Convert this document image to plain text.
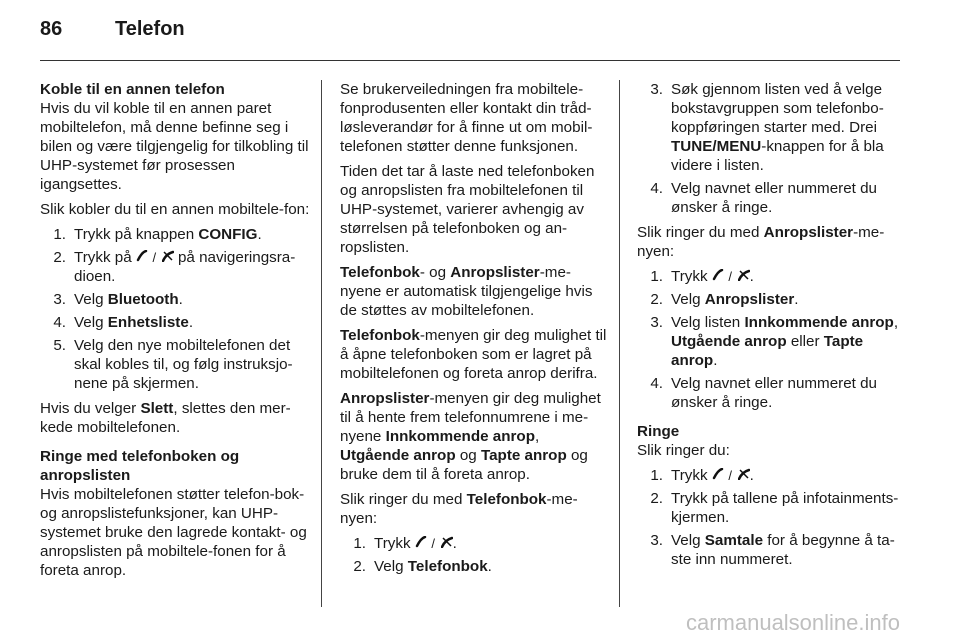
86	Telefon
Koble til en annen telefon

Hvis du vil koble til en annen paret mobiltelefon, må denne befinne seg i bilen og være tilgjengelig for tilkobling til UHP-systemet før prosessen igangsettes.

Slik kobler du til en annen mobiltele-fon:

1. Trykk på knappen CONFIG.
2. Trykk på  /  på navigeringsra-dioen.
3. Velg Bluetooth.
4. Velg Enhetsliste.
5. Velg den nye mobiltelefonen det skal kobles til, og følg instruksjo-nene på skjermen.

Hvis du velger Slett, slettes den mer-kede mobiltelefonen.

Ringe med telefonboken og anropslisten

Hvis mobiltelefonen støtter telefon-bok- og anropslistefunksjoner, kan UHP-systemet bruke den lagrede kontakt- og anropslisten på mobiltele-fonen for å foreta anrop.

Se brukerveiledningen fra mobiltele-fonprodusenten eller kontakt din tråd-løsleverandør for å finne ut om mobil-telefonen støtter denne funksjonen.

Tiden det tar å laste ned telefonboken og anropslisten fra mobiltelefonen til UHP-systemet, varierer avhengig av størrelsen på telefonboken og an-ropslisten.

Telefonbok- og Anropslister-me-nyene er automatisk tilgjengelige hvis de støttes av mobiltelefonen.

Telefonbok-menyen gir deg mulighet til å åpne telefonboken som er lagret på mobiltelefonen og foreta anrop derifra.

Anropslister-menyen gir deg mulighet til å hente frem telefonnumrene i me-nyene Innkommende anrop, Utgående anrop og Tapte anrop og bruke dem til å foreta anrop.

Slik ringer du med Telefonbok-me-nyen:

1. Trykk  / .
2. Velg Telefonbok.
3. Søk gjennom listen ved å velge bokstavgruppen som telefonbo-koppføringen starter med. Drei TUNE/MENU-knappen for å bla videre i listen.
4. Velg navnet eller nummeret du ønsker å ringe.

Slik ringer du med Anropslister-me-nyen:

1. Trykk  / .
2. Velg Anropslister.
3. Velg listen Innkommende anrop, Utgående anrop eller Tapte anrop.
4. Velg navnet eller nummeret du ønsker å ringe.
Ringe

Slik ringer du:

1. Trykk  / .
2. Trykk på tallene på infotainments-kjermen.
3. Velg Samtale for å begynne å ta-ste inn nummeret.
carmanualsonline.info
